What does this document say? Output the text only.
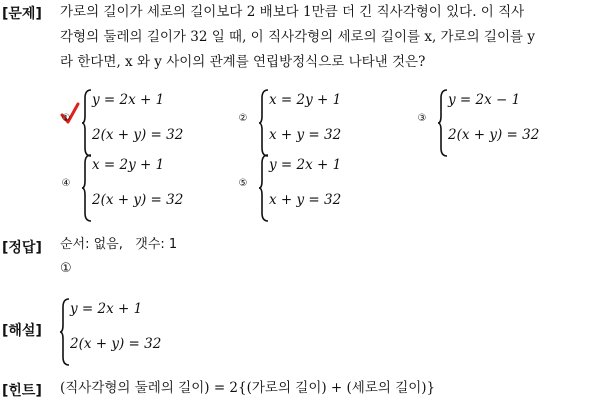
[문제] 가로의 길이가 세로의 길이보다 2 배보다 1만큼 더 긴 직사각형이 있다. 이 직사
각형의 둘레의 길이가 32 일 때, 이 직사각형의 세로의 길이를 x, 가로의 길이를 y
라 한다면, x 와 y 사이의 관계를 연립방정식으로 나타낸 것은?
①
y = 2x + 1
2(x + y) = 32
②
x = 2y + 1
x + y = 32
③
y = 2x − 1
2(x + y) = 32
④
x = 2y + 1
2(x + y) = 32
⑤
y = 2x + 1
x + y = 32
[정답] 순서: 없음,   갯수: 1
①
[해설]
y = 2x + 1
2(x + y) = 32
[힌트] (직사각형의 둘레의 길이) = 2{(가로의 길이) + (세로의 길이)}
